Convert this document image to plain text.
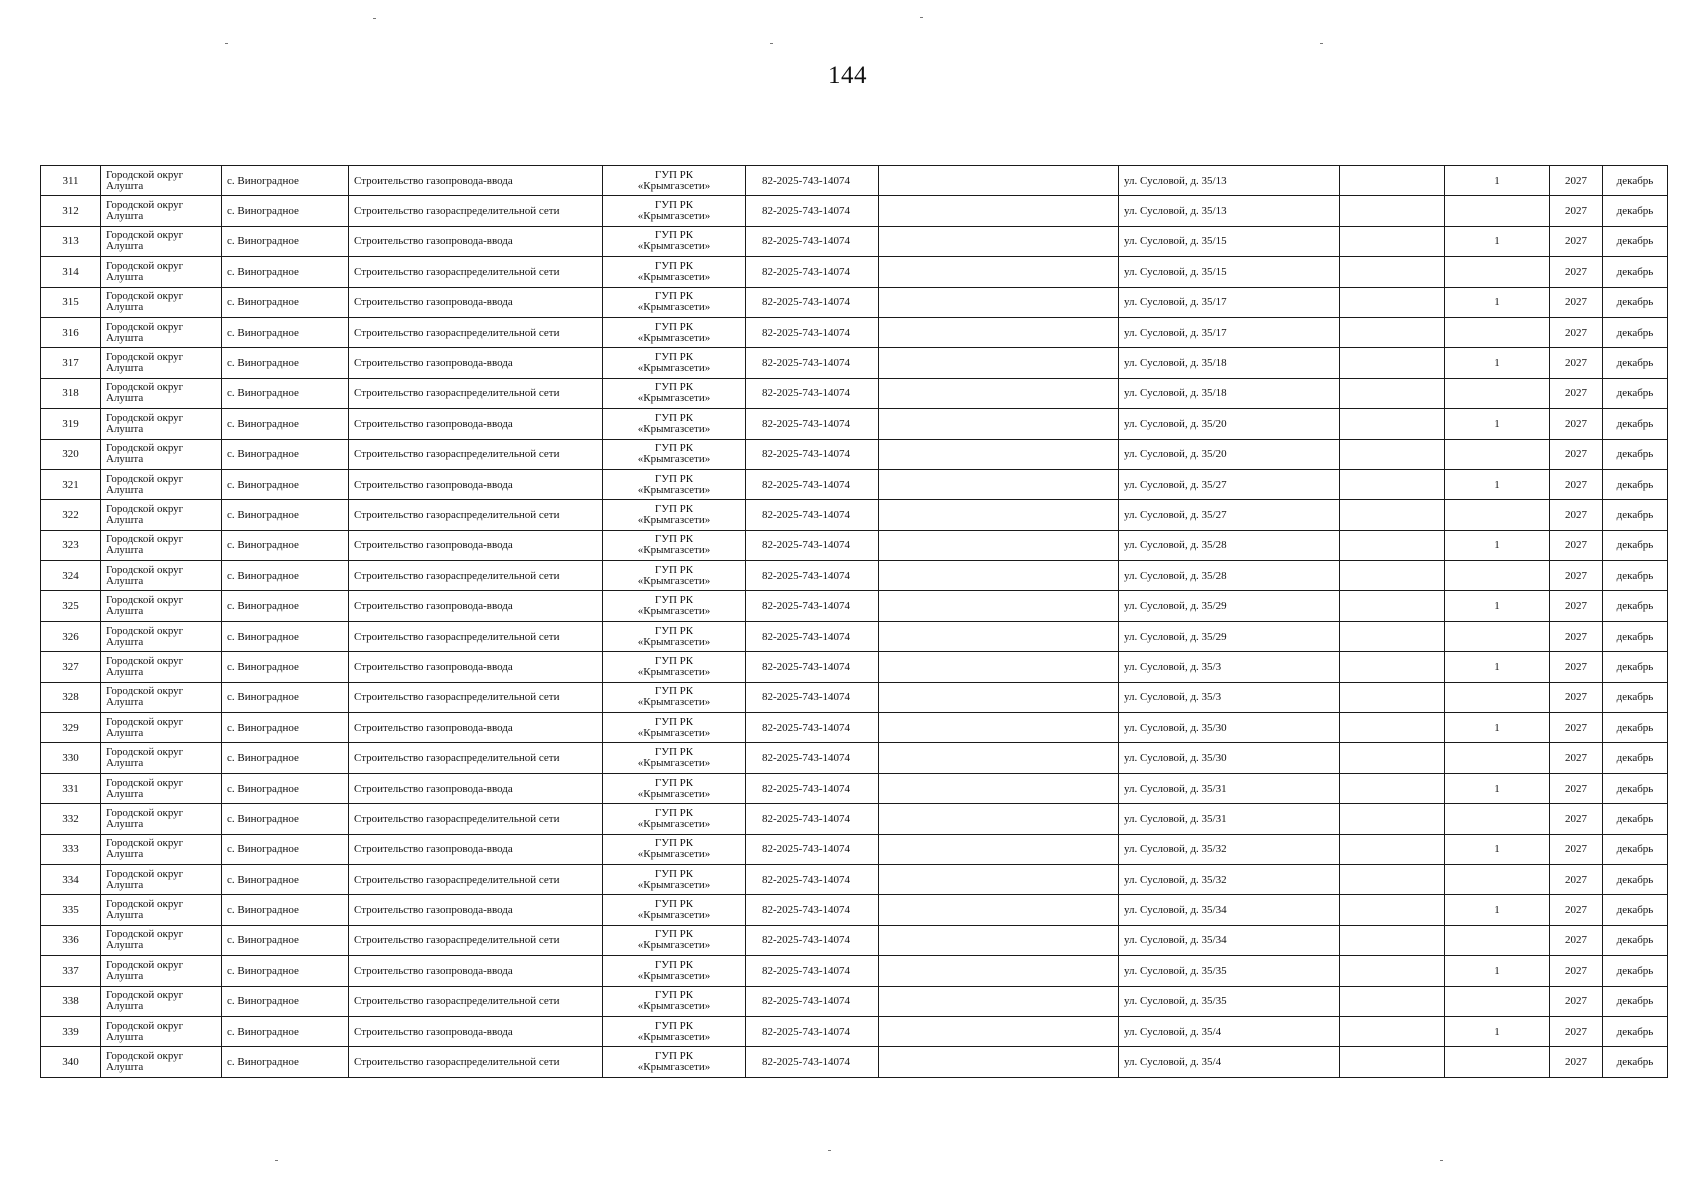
144
311	Городской округ Алушта	с. Виноградное	Строительство газопровода-ввода	ГУП РК
«Крымгазсети»	82-2025-743-14074		ул. Сусловой, д. 35/13		1	2027	декабрь
312	Городской округ Алушта	с. Виноградное	Строительство газораспределительной сети	ГУП РК
«Крымгазсети»	82-2025-743-14074		ул. Сусловой, д. 35/13			2027	декабрь
313	Городской округ Алушта	с. Виноградное	Строительство газопровода-ввода	ГУП РК
«Крымгазсети»	82-2025-743-14074		ул. Сусловой, д. 35/15		1	2027	декабрь
314	Городской округ Алушта	с. Виноградное	Строительство газораспределительной сети	ГУП РК
«Крымгазсети»	82-2025-743-14074		ул. Сусловой, д. 35/15			2027	декабрь
315	Городской округ Алушта	с. Виноградное	Строительство газопровода-ввода	ГУП РК
«Крымгазсети»	82-2025-743-14074		ул. Сусловой, д. 35/17		1	2027	декабрь
316	Городской округ Алушта	с. Виноградное	Строительство газораспределительной сети	ГУП РК
«Крымгазсети»	82-2025-743-14074		ул. Сусловой, д. 35/17			2027	декабрь
317	Городской округ Алушта	с. Виноградное	Строительство газопровода-ввода	ГУП РК
«Крымгазсети»	82-2025-743-14074		ул. Сусловой, д. 35/18		1	2027	декабрь
318	Городской округ Алушта	с. Виноградное	Строительство газораспределительной сети	ГУП РК
«Крымгазсети»	82-2025-743-14074		ул. Сусловой, д. 35/18			2027	декабрь
319	Городской округ Алушта	с. Виноградное	Строительство газопровода-ввода	ГУП РК
«Крымгазсети»	82-2025-743-14074		ул. Сусловой, д. 35/20		1	2027	декабрь
320	Городской округ Алушта	с. Виноградное	Строительство газораспределительной сети	ГУП РК
«Крымгазсети»	82-2025-743-14074		ул. Сусловой, д. 35/20			2027	декабрь
321	Городской округ Алушта	с. Виноградное	Строительство газопровода-ввода	ГУП РК
«Крымгазсети»	82-2025-743-14074		ул. Сусловой, д. 35/27		1	2027	декабрь
322	Городской округ Алушта	с. Виноградное	Строительство газораспределительной сети	ГУП РК
«Крымгазсети»	82-2025-743-14074		ул. Сусловой, д. 35/27			2027	декабрь
323	Городской округ Алушта	с. Виноградное	Строительство газопровода-ввода	ГУП РК
«Крымгазсети»	82-2025-743-14074		ул. Сусловой, д. 35/28		1	2027	декабрь
324	Городской округ Алушта	с. Виноградное	Строительство газораспределительной сети	ГУП РК
«Крымгазсети»	82-2025-743-14074		ул. Сусловой, д. 35/28			2027	декабрь
325	Городской округ Алушта	с. Виноградное	Строительство газопровода-ввода	ГУП РК
«Крымгазсети»	82-2025-743-14074		ул. Сусловой, д. 35/29		1	2027	декабрь
326	Городской округ Алушта	с. Виноградное	Строительство газораспределительной сети	ГУП РК
«Крымгазсети»	82-2025-743-14074		ул. Сусловой, д. 35/29			2027	декабрь
327	Городской округ Алушта	с. Виноградное	Строительство газопровода-ввода	ГУП РК
«Крымгазсети»	82-2025-743-14074		ул. Сусловой, д. 35/3		1	2027	декабрь
328	Городской округ Алушта	с. Виноградное	Строительство газораспределительной сети	ГУП РК
«Крымгазсети»	82-2025-743-14074		ул. Сусловой, д. 35/3			2027	декабрь
329	Городской округ Алушта	с. Виноградное	Строительство газопровода-ввода	ГУП РК
«Крымгазсети»	82-2025-743-14074		ул. Сусловой, д. 35/30		1	2027	декабрь
330	Городской округ Алушта	с. Виноградное	Строительство газораспределительной сети	ГУП РК
«Крымгазсети»	82-2025-743-14074		ул. Сусловой, д. 35/30			2027	декабрь
331	Городской округ Алушта	с. Виноградное	Строительство газопровода-ввода	ГУП РК
«Крымгазсети»	82-2025-743-14074		ул. Сусловой, д. 35/31		1	2027	декабрь
332	Городской округ Алушта	с. Виноградное	Строительство газораспределительной сети	ГУП РК
«Крымгазсети»	82-2025-743-14074		ул. Сусловой, д. 35/31			2027	декабрь
333	Городской округ Алушта	с. Виноградное	Строительство газопровода-ввода	ГУП РК
«Крымгазсети»	82-2025-743-14074		ул. Сусловой, д. 35/32		1	2027	декабрь
334	Городской округ Алушта	с. Виноградное	Строительство газораспределительной сети	ГУП РК
«Крымгазсети»	82-2025-743-14074		ул. Сусловой, д. 35/32			2027	декабрь
335	Городской округ Алушта	с. Виноградное	Строительство газопровода-ввода	ГУП РК
«Крымгазсети»	82-2025-743-14074		ул. Сусловой, д. 35/34		1	2027	декабрь
336	Городской округ Алушта	с. Виноградное	Строительство газораспределительной сети	ГУП РК
«Крымгазсети»	82-2025-743-14074		ул. Сусловой, д. 35/34			2027	декабрь
337	Городской округ Алушта	с. Виноградное	Строительство газопровода-ввода	ГУП РК
«Крымгазсети»	82-2025-743-14074		ул. Сусловой, д. 35/35		1	2027	декабрь
338	Городской округ Алушта	с. Виноградное	Строительство газораспределительной сети	ГУП РК
«Крымгазсети»	82-2025-743-14074		ул. Сусловой, д. 35/35			2027	декабрь
339	Городской округ Алушта	с. Виноградное	Строительство газопровода-ввода	ГУП РК
«Крымгазсети»	82-2025-743-14074		ул. Сусловой, д. 35/4		1	2027	декабрь
340	Городской округ Алушта	с. Виноградное	Строительство газораспределительной сети	ГУП РК
«Крымгазсети»	82-2025-743-14074		ул. Сусловой, д. 35/4			2027	декабрь
